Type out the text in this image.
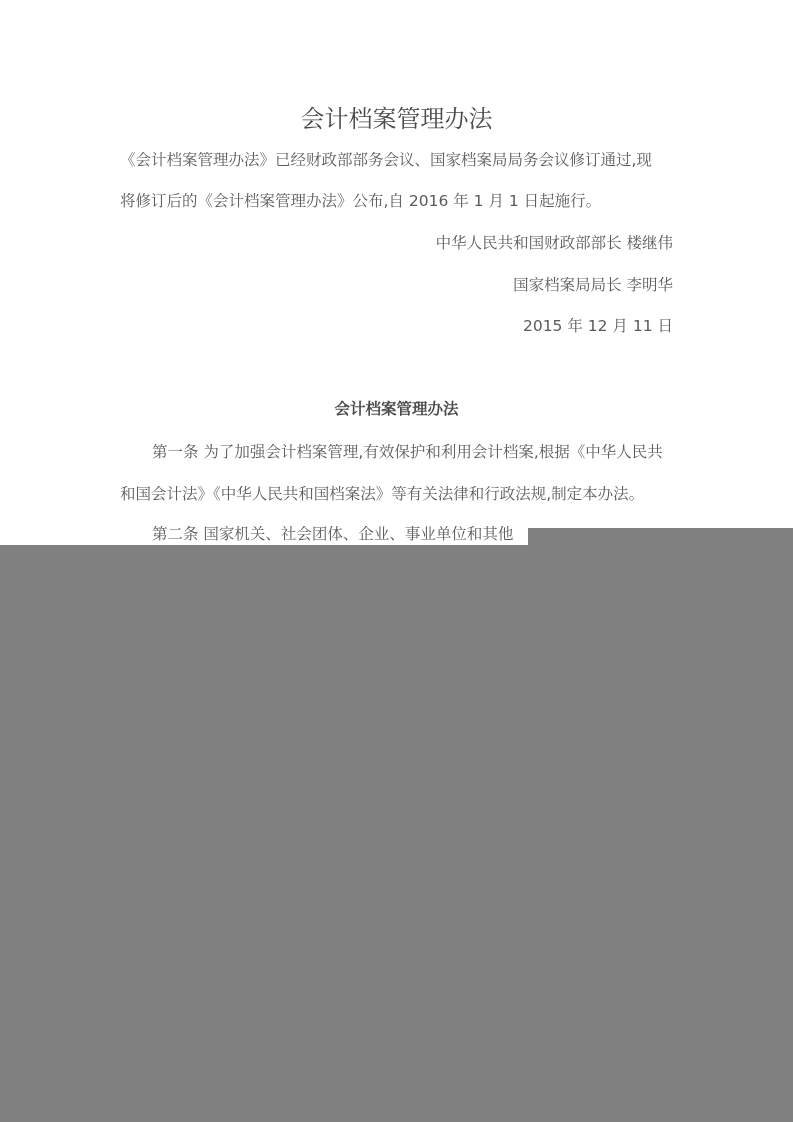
会计档案管理办法
《会计档案管理办法》已经财政部部务会议、国家档案局局务会议修订通过,现
将修订后的《会计档案管理办法》公布,自 2016 年 1 月 1 日起施行。
中华人民共和国财政部部长 楼继伟
国家档案局局长 李明华
2015 年 12 月 11 日
会计档案管理办法
第一条 为了加强会计档案管理,有效保护和利用会计档案,根据《中华人民共
和国会计法》《中华人民共和国档案法》等有关法律和行政法规,制定本办法。
第二条 国家机关、社会团体、企业、事业单位和其他
